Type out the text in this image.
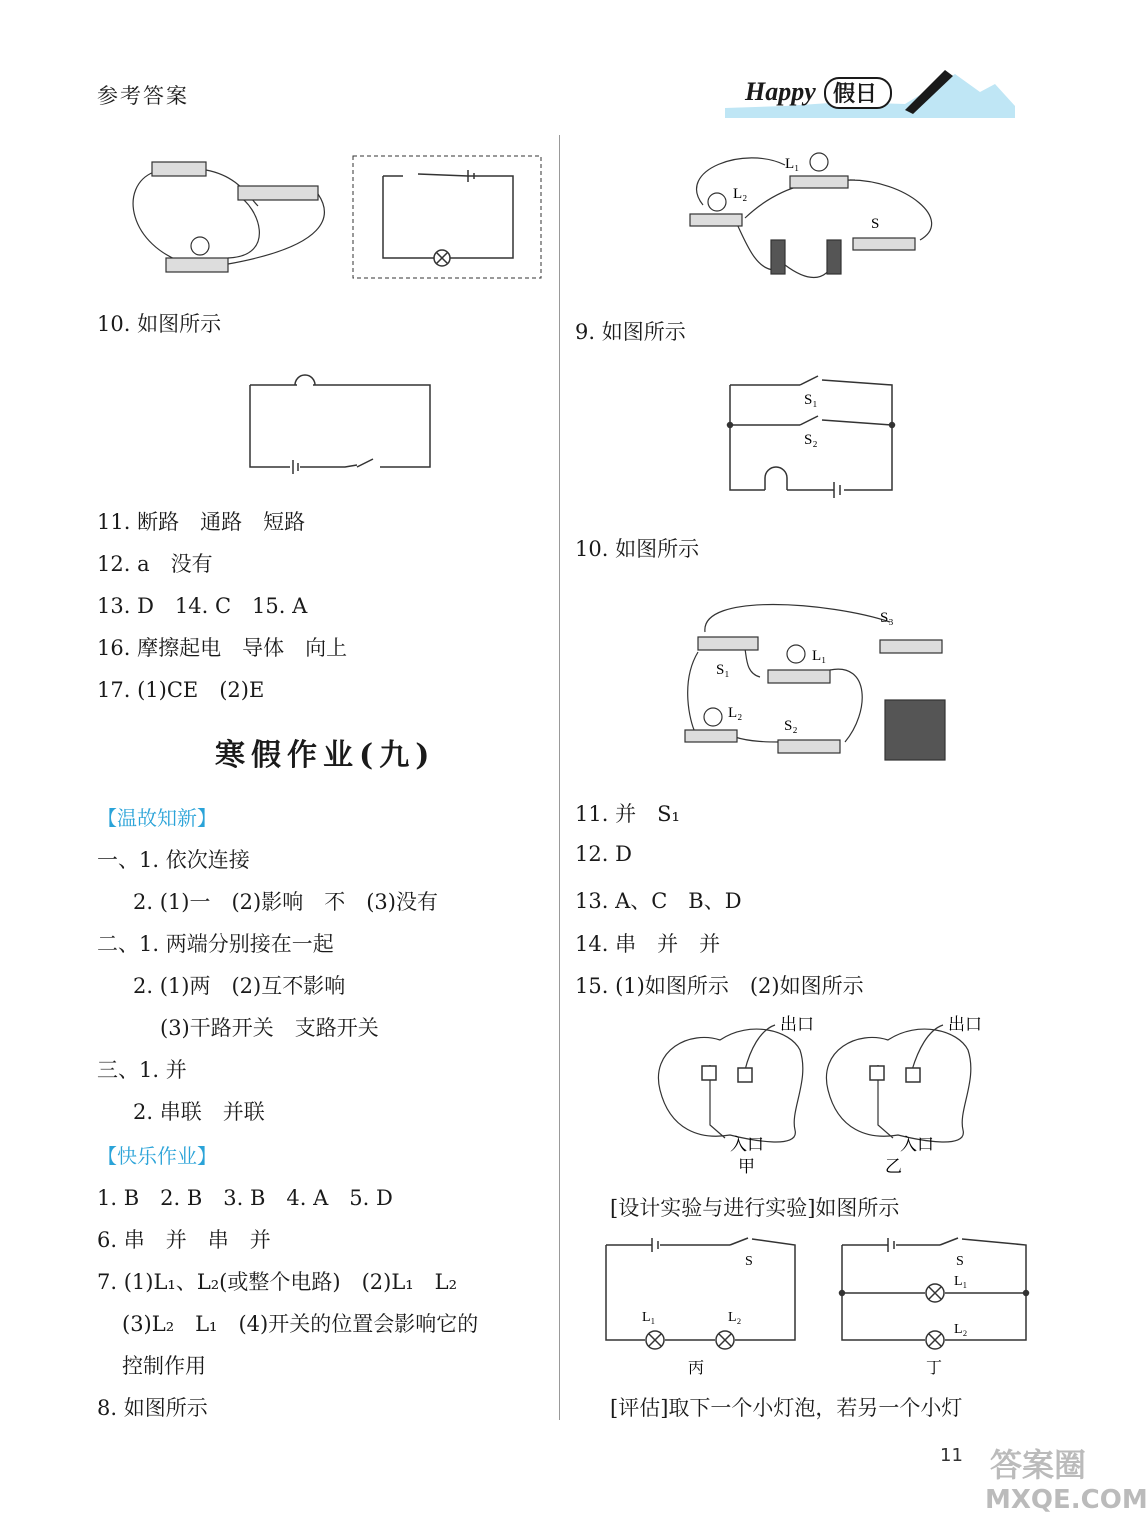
参考答案	Happy 假日
10. 如图所示
11. 断路　通路　短路
12. a　没有
13. D　14. C　15. A
16. 摩擦起电　导体　向上
17. (1)CE　(2)E
寒假作业(九)
【温故知新】
一、1. 依次连接
2. (1)一　(2)影响　不　(3)没有
二、1. 两端分别接在一起
2. (1)两　(2)互不影响
(3)干路开关　支路开关
三、1. 并
2. 串联　并联
【快乐作业】
1. B　2. B　3. B　4. A　5. D
6. 串　并　串　并
7. (1)L₁、L₂(或整个电路)　(2)L₁　L₂
(3)L₂　L₁　(4)开关的位置会影响它的
控制作用
8. 如图所示
L₂
L₁
S
9. 如图所示
S₁
S₂
10. 如图所示
S₁
L₁
S₃
L₂
S₂
11. 并　S₁
12. D
13. A、C　B、D
14. 串　并　并
15. (1)如图所示　(2)如图所示
出口	出口
入口	入口
甲	乙
[设计实验与进行实验]如图所示
S
L₁	L₂
丙
S
L₁
L₂
丁
[评估]取下一个小灯泡，若另一个小灯
11 答案圈
MXQE.COM
